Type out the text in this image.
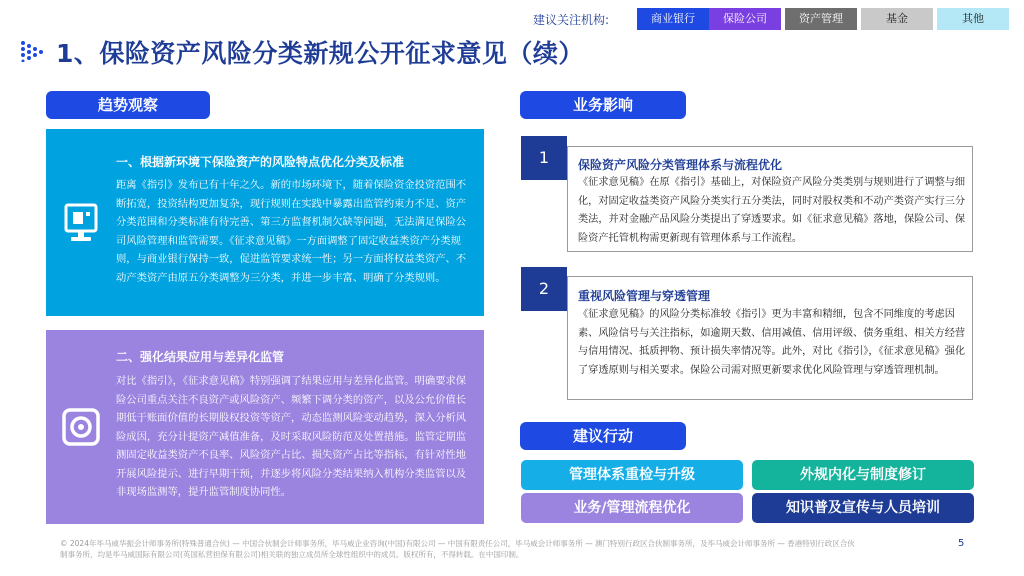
建议关注机构:	商业银行	保险公司	资产管理	基金	其他
1、保险资产风险分类新规公开征求意见（续）
趋势观察
一、根据新环境下保险资产的风险特点优化分类及标准
距离《指引》发布已有十年之久。新的市场环境下，随着保险资金投资范围不断拓宽，投资结构更加复杂，现行规则在实践中暴露出监管约束力不足、资产分类范围和分类标准有待完善、第三方监督机制欠缺等问题，无法满足保险公司风险管理和监管需要。《征求意见稿》一方面调整了固定收益类资产分类规则，与商业银行保持一致，促进监管要求统一性；另一方面将权益类资产、不动产类资产由原五分类调整为三分类，并进一步丰富、明确了分类规则。
二、强化结果应用与差异化监管
对比《指引》，《征求意见稿》特别强调了结果应用与差异化监管。明确要求保险公司重点关注不良资产或风险资产、频繁下调分类的资产，以及公允价值长期低于账面价值的长期股权投资等资产，动态监测风险变动趋势，深入分析风险成因，充分计提资产减值准备，及时采取风险防范及处置措施。监管定期监测固定收益类资产不良率、风险资产占比、损失资产占比等指标，有针对性地开展风险提示、进行早期干预，并逐步将风险分类结果纳入机构分类监管以及非现场监测等，提升监管制度协同性。
业务影响
保险资产风险分类管理体系与流程优化
《征求意见稿》在原《指引》基础上，对保险资产风险分类类别与规则进行了调整与细化，对固定收益类资产风险分类实行五分类法，同时对股权类和不动产类资产实行三分类法，并对金融产品风险分类提出了穿透要求。如《征求意见稿》落地，保险公司、保险资产托管机构需更新现有管理体系与工作流程。
1
重视风险管理与穿透管理
《征求意见稿》的风险分类标准较《指引》更为丰富和精细，包含不同维度的考虑因素、风险信号与关注指标，如逾期天数、信用减值、信用评级、债务重组、相关方经营与信用情况、抵质押物、预计损失率情况等。此外，对比《指引》，《征求意见稿》强化了穿透原则与相关要求。保险公司需对照更新要求优化风险管理与穿透管理机制。
2
建议行动
管理体系重检与升级	外规内化与制度修订
业务/管理流程优化	知识普及宣传与人员培训
© 2024年毕马威华振会计师事务所(特殊普通合伙) — 中国合伙制会计师事务所，毕马威企业咨询(中国)有限公司 — 中国有限责任公司，毕马威会计师事务所 — 澳门特别行政区合伙制事务所，及毕马威会计师事务所 — 香港特别行政区合伙制事务所，均是毕马威国际有限公司(英国私营担保有限公司)相关联的独立成员所全球性组织中的成员。版权所有，不得转载。在中国印制。
5
